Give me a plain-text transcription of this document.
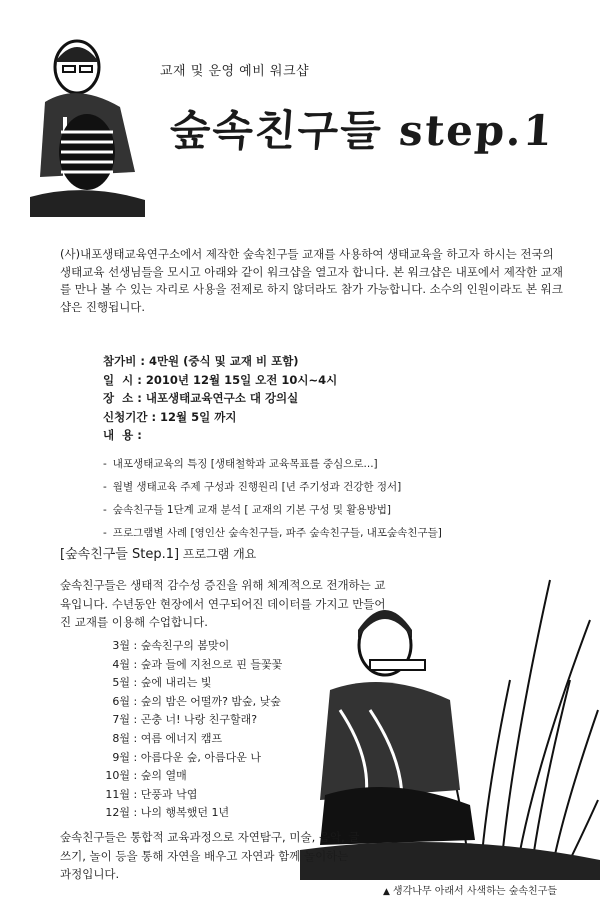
교재 및 운영 예비 워크샵
숲속친구들 step.1
(사)내포생태교육연구소에서 제작한 숲속친구들 교재를 사용하여 생태교육을 하고자 하시는 전국의 생태교육 선생님들을 모시고 아래와 같이 워크샵을 열고자 합니다. 본 워크샵은 내포에서 제작한 교재를 만나 볼 수 있는 자리로 사용을 전제로 하지 않더라도 참가 가능합니다. 소수의 인원이라도 본 워크샵은 진행됩니다.
참가비 : 4만원 (중식 및 교재 비 포함)
일  시 : 2010년 12월 15일 오전 10시~4시
장  소 : 내포생태교육연구소 대 강의실
신청기간 : 12월 5일 까지
내  용 :
- 내포생태교육의 특징 [생태철학과 교육목표를 중심으로...]
- 월별 생태교육 주제 구성과 진행원리 [년 주기성과 건강한 정서]
- 숲속친구들 1단계 교재 분석 [ 교재의 기본 구성 및 활용방법]
- 프로그램별 사례 [영인산 숲속친구들, 파주 숲속친구들, 내포숲속친구들]
[숲속친구들 Step.1] 프로그램 개요
숲속친구들은 생태적 감수성 증진을 위해 체계적으로 전개하는 교육입니다. 수년동안 현장에서 연구되어진 데이터를 가지고 만들어진 교재를 이용해 수업합니다.
3월 : 숲속친구의 봄맞이
4월 : 숲과 들에 지천으로 핀 들꽃꽃
5월 : 숲에 내리는 빛
6월 : 숲의 밤은 어떨까? 밤숲, 낮숲
7월 : 곤충 너! 나랑 친구할래?
8월 : 여름 에너지 캠프
9월 : 아름다운 숲, 아름다운 나
10월 : 숲의 열매
11월 : 단풍과 낙엽
12월 : 나의 행복했던 1년
숲속친구들은 통합적 교육과정으로 자연탐구, 미술, 음악, 글쓰기, 놀이 등을 통해 자연을 배우고 자연과 함께 놀이하는 과정입니다.
▲ 생각나무 아래서 사색하는 숲속친구들
